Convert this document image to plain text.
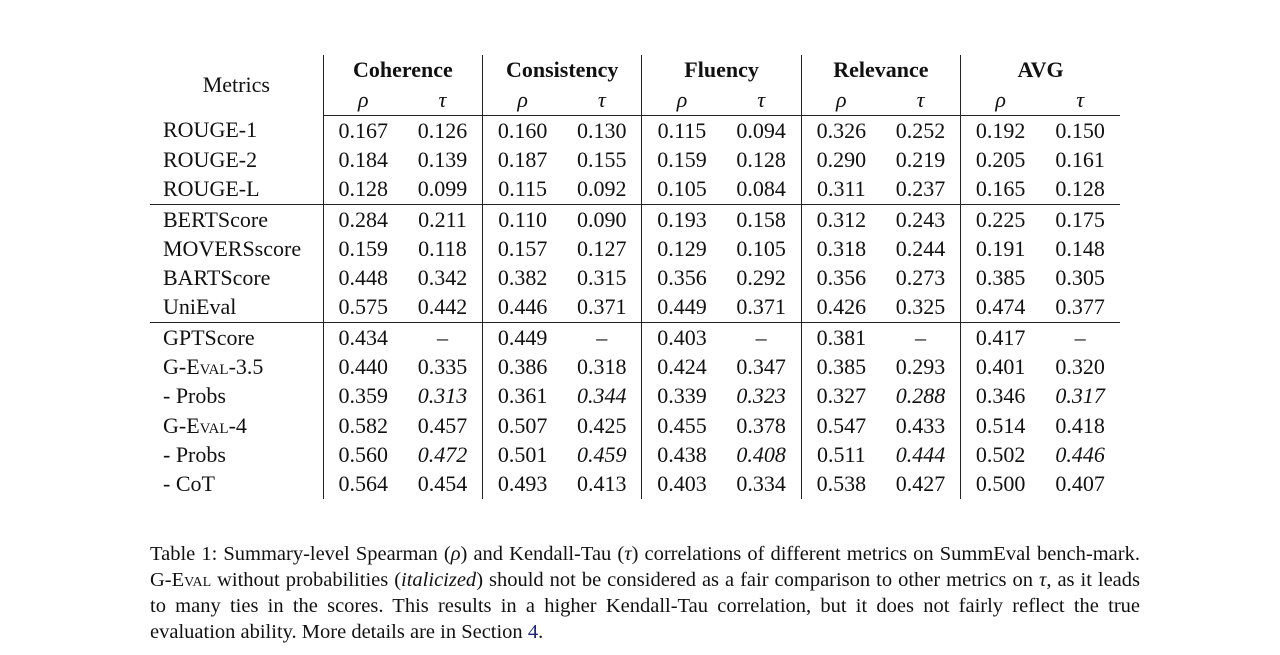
Metrics	Coherence		Consistency		Fluency		Relevance		AVG	
	ρ	τ	ρ	τ	ρ	τ	ρ	τ	ρ	τ
ROUGE-1	0.167	0.126	0.160	0.130	0.115	0.094	0.326	0.252	0.192	0.150
ROUGE-2	0.184	0.139	0.187	0.155	0.159	0.128	0.290	0.219	0.205	0.161
ROUGE-L	0.128	0.099	0.115	0.092	0.105	0.084	0.311	0.237	0.165	0.128
BERTScore	0.284	0.211	0.110	0.090	0.193	0.158	0.312	0.243	0.225	0.175
MOVERSscore	0.159	0.118	0.157	0.127	0.129	0.105	0.318	0.244	0.191	0.148
BARTScore	0.448	0.342	0.382	0.315	0.356	0.292	0.356	0.273	0.385	0.305
UniEval	0.575	0.442	0.446	0.371	0.449	0.371	0.426	0.325	0.474	0.377
GPTScore	0.434	–	0.449	–	0.403	–	0.381	–	0.417	–
G-Eval-3.5	0.440	0.335	0.386	0.318	0.424	0.347	0.385	0.293	0.401	0.320
- Probs	0.359	0.313	0.361	0.344	0.339	0.323	0.327	0.288	0.346	0.317
G-Eval-4	0.582	0.457	0.507	0.425	0.455	0.378	0.547	0.433	0.514	0.418
- Probs	0.560	0.472	0.501	0.459	0.438	0.408	0.511	0.444	0.502	0.446
- CoT	0.564	0.454	0.493	0.413	0.403	0.334	0.538	0.427	0.500	0.407

Table 1: Summary-level Spearman (ρ) and Kendall-Tau (τ) correlations of different metrics on SummEval bench-mark. G-Eval without probabilities (italicized) should not be considered as a fair comparison to other metrics on τ, as it leads to many ties in the scores. This results in a higher Kendall-Tau correlation, but it does not fairly reflect the true evaluation ability. More details are in Section 4.
